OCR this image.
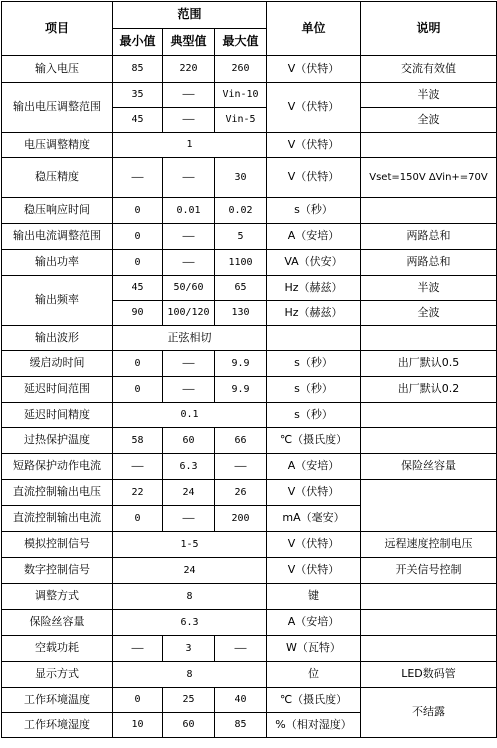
项目	范围			单位	说明
	最小值	典型值	最大值		
输入电压	85	220	260	V（伏特）	交流有效值
输出电压调整范围	35	——	Vin-10	V（伏特）	半波
	45	——	Vin-5		全波
电压调整精度	1			V（伏特）	
稳压精度	——	——	30	V（伏特）	Vset=150V ΔVin+=70V
稳压响应时间	0	0.01	0.02	s（秒）	
输出电流调整范围	0	——	5	A（安培）	两路总和
输出功率	0	——	1100	VA（伏安）	两路总和
输出频率	45	50/60	65	Hz（赫兹）	半波
	90	100/120	130	Hz（赫兹）	全波
输出波形	正弦相切				
缓启动时间	0	——	9.9	s（秒）	出厂默认0.5
延迟时间范围	0	——	9.9	s（秒）	出厂默认0.2
延迟时间精度	0.1			s（秒）	
过热保护温度	58	60	66	℃（摄氏度）	
短路保护动作电流	——	6.3	——	A（安培）	保险丝容量
直流控制输出电压	22	24	26	V（伏特）	
直流控制输出电流	0	——	200	mA（毫安）	
模拟控制信号	1-5			V（伏特）	远程速度控制电压
数字控制信号	24			V（伏特）	开关信号控制
调整方式	8			键	
保险丝容量	6.3			A（安培）	
空载功耗	——	3	——	W（瓦特）	
显示方式	8			位	LED数码管
工作环境温度	0	25	40	℃（摄氏度）	不结露
工作环境湿度	10	60	85	%（相对湿度）	
